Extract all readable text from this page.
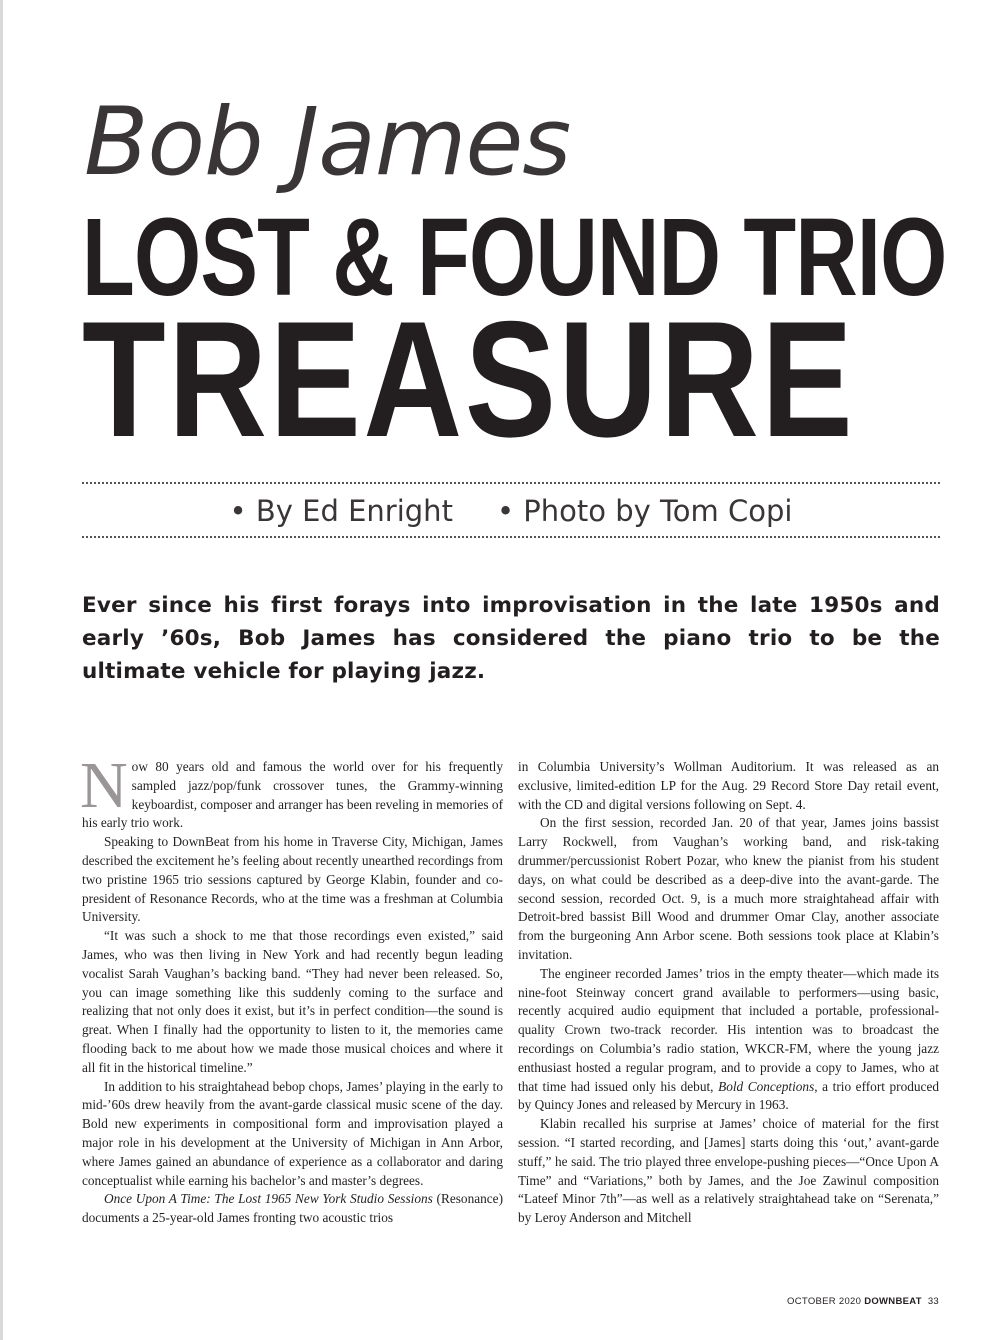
Bob James
LOST & FOUND TRIO
TREASURE
• By Ed Enright • Photo by Tom Copi

Ever since his first forays into improvisation in the late 1950s and early ’60s, Bob James has considered the piano trio to be the ultimate vehicle for playing jazz.

Now 80 years old and famous the world over for his frequently sampled jazz/pop/funk crossover tunes, the Grammy-winning keyboardist, composer and arranger has been reveling in memories of his early trio work.

Speaking to DownBeat from his home in Traverse City, Michigan, James described the excitement he’s feeling about recently unearthed recordings from two pristine 1965 trio sessions captured by George Klabin, founder and co-president of Resonance Records, who at the time was a freshman at Columbia University.

“It was such a shock to me that those recordings even existed,” said James, who was then living in New York and had recently begun leading vocalist Sarah Vaughan’s backing band. “They had never been released. So, you can image something like this suddenly coming to the surface and realizing that not only does it exist, but it’s in perfect condition—the sound is great. When I finally had the opportunity to listen to it, the memories came flooding back to me about how we made those musical choices and where it all fit in the historical timeline.”

In addition to his straightahead bebop chops, James’ playing in the early to mid-’60s drew heavily from the avant-garde classical music scene of the day. Bold new experiments in compositional form and improvisation played a major role in his development at the University of Michigan in Ann Arbor, where James gained an abundance of experience as a collaborator and daring conceptualist while earning his bachelor’s and master’s degrees.

Once Upon A Time: The Lost 1965 New York Studio Sessions (Resonance) documents a 25-year-old James fronting two acoustic trios

in Columbia University’s Wollman Auditorium. It was released as an exclusive, limited-edition LP for the Aug. 29 Record Store Day retail event, with the CD and digital versions following on Sept. 4.

On the first session, recorded Jan. 20 of that year, James joins bassist Larry Rockwell, from Vaughan’s working band, and risk-taking drummer/percussionist Robert Pozar, who knew the pianist from his student days, on what could be described as a deep-dive into the avant-garde. The second session, recorded Oct. 9, is a much more straightahead affair with Detroit-bred bassist Bill Wood and drummer Omar Clay, another associate from the burgeoning Ann Arbor scene. Both sessions took place at Klabin’s invitation.

The engineer recorded James’ trios in the empty theater—which made its nine-foot Steinway concert grand available to performers—using basic, recently acquired audio equipment that included a portable, professional-quality Crown two-track recorder. His intention was to broadcast the recordings on Columbia’s radio station, WKCR-FM, where the young jazz enthusiast hosted a regular program, and to provide a copy to James, who at that time had issued only his debut, Bold Conceptions, a trio effort produced by Quincy Jones and released by Mercury in 1963.

Klabin recalled his surprise at James’ choice of material for the first session. “I started recording, and [James] starts doing this ‘out,’ avant-garde stuff,” he said. The trio played three envelope-pushing pieces—“Once Upon A Time” and “Variations,” both by James, and the Joe Zawinul composition “Lateef Minor 7th”—as well as a relatively straightahead take on “Serenata,” by Leroy Anderson and Mitchell

OCTOBER 2020 DOWNBEAT 33
